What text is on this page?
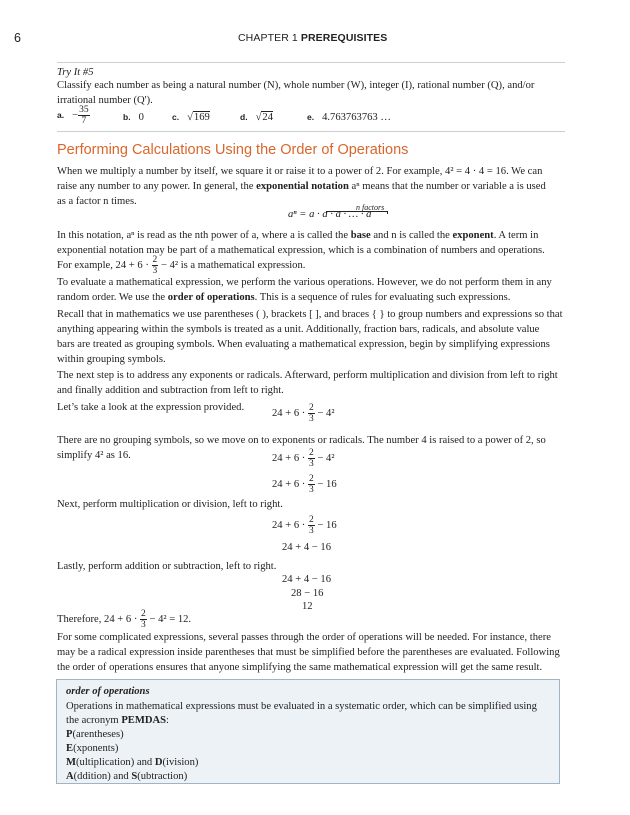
6	CHAPTER 1 PREREQUISITES
Try It #5
Classify each number as being a natural number (N), whole number (W), integer (I), rational number (Q), and/or
irrational number (Q').
a. − $\frac{35}{7}$	b. 0	c. √169	d. √24	e. 4.763763763 …
Performing Calculations Using the Order of Operations
When we multiply a number by itself, we square it or raise it to a power of 2. For example, 4² = 4 · 4 = 16. We can
raise any number to any power. In general, the exponential notation aⁿ means that the number or variable a is used
as a factor n times.
n factors
aⁿ = a · a · a · … · a
In this notation, aⁿ is read as the nth power of a, where a is called the base and n is called the exponent. A term in
exponential notation may be part of a mathematical expression, which is a combination of numbers and operations.
For example, $24 + 6 \cdot \frac{2}{3} - 4^2$ is a mathematical expression.
To evaluate a mathematical expression, we perform the various operations. However, we do not perform them in any
random order. We use the order of operations. This is a sequence of rules for evaluating such expressions.
Recall that in mathematics we use parentheses ( ), brackets [ ], and braces { } to group numbers and expressions so that
anything appearing within the symbols is treated as a unit. Additionally, fraction bars, radicals, and absolute value
bars are treated as grouping symbols. When evaluating a mathematical expression, begin by simplifying expressions
within grouping symbols.
The next step is to address any exponents or radicals. Afterward, perform multiplication and division from left to right
and finally addition and subtraction from left to right.
Let’s take a look at the expression provided.
$24 + 6 \cdot \frac{2}{3} - 4^2$
There are no grouping symbols, so we move on to exponents or radicals. The number 4 is raised to a power of 2, so
simplify 4² as 16.	$24 + 6 \cdot \frac{2}{3} - 4^2$
$24 + 6 \cdot \frac{2}{3} - 16$
Next, perform multiplication or division, left to right.
$24 + 6 \cdot \frac{2}{3} - 16$
24 + 4 − 16
Lastly, perform addition or subtraction, left to right.
24 + 4 − 16
28 − 16
12
Therefore, $24 + 6 \cdot \frac{2}{3} - 4^2 = 12$.
For some complicated expressions, several passes through the order of operations will be needed. For instance, there
may be a radical expression inside parentheses that must be simplified before the parentheses are evaluated. Following
the order of operations ensures that anyone simplifying the same mathematical expression will get the same result.
order of operations
Operations in mathematical expressions must be evaluated in a systematic order, which can be simplified using
the acronym PEMDAS:
P(arentheses)
E(xponents)
M(ultiplication) and D(ivision)
A(ddition) and S(ubtraction)
